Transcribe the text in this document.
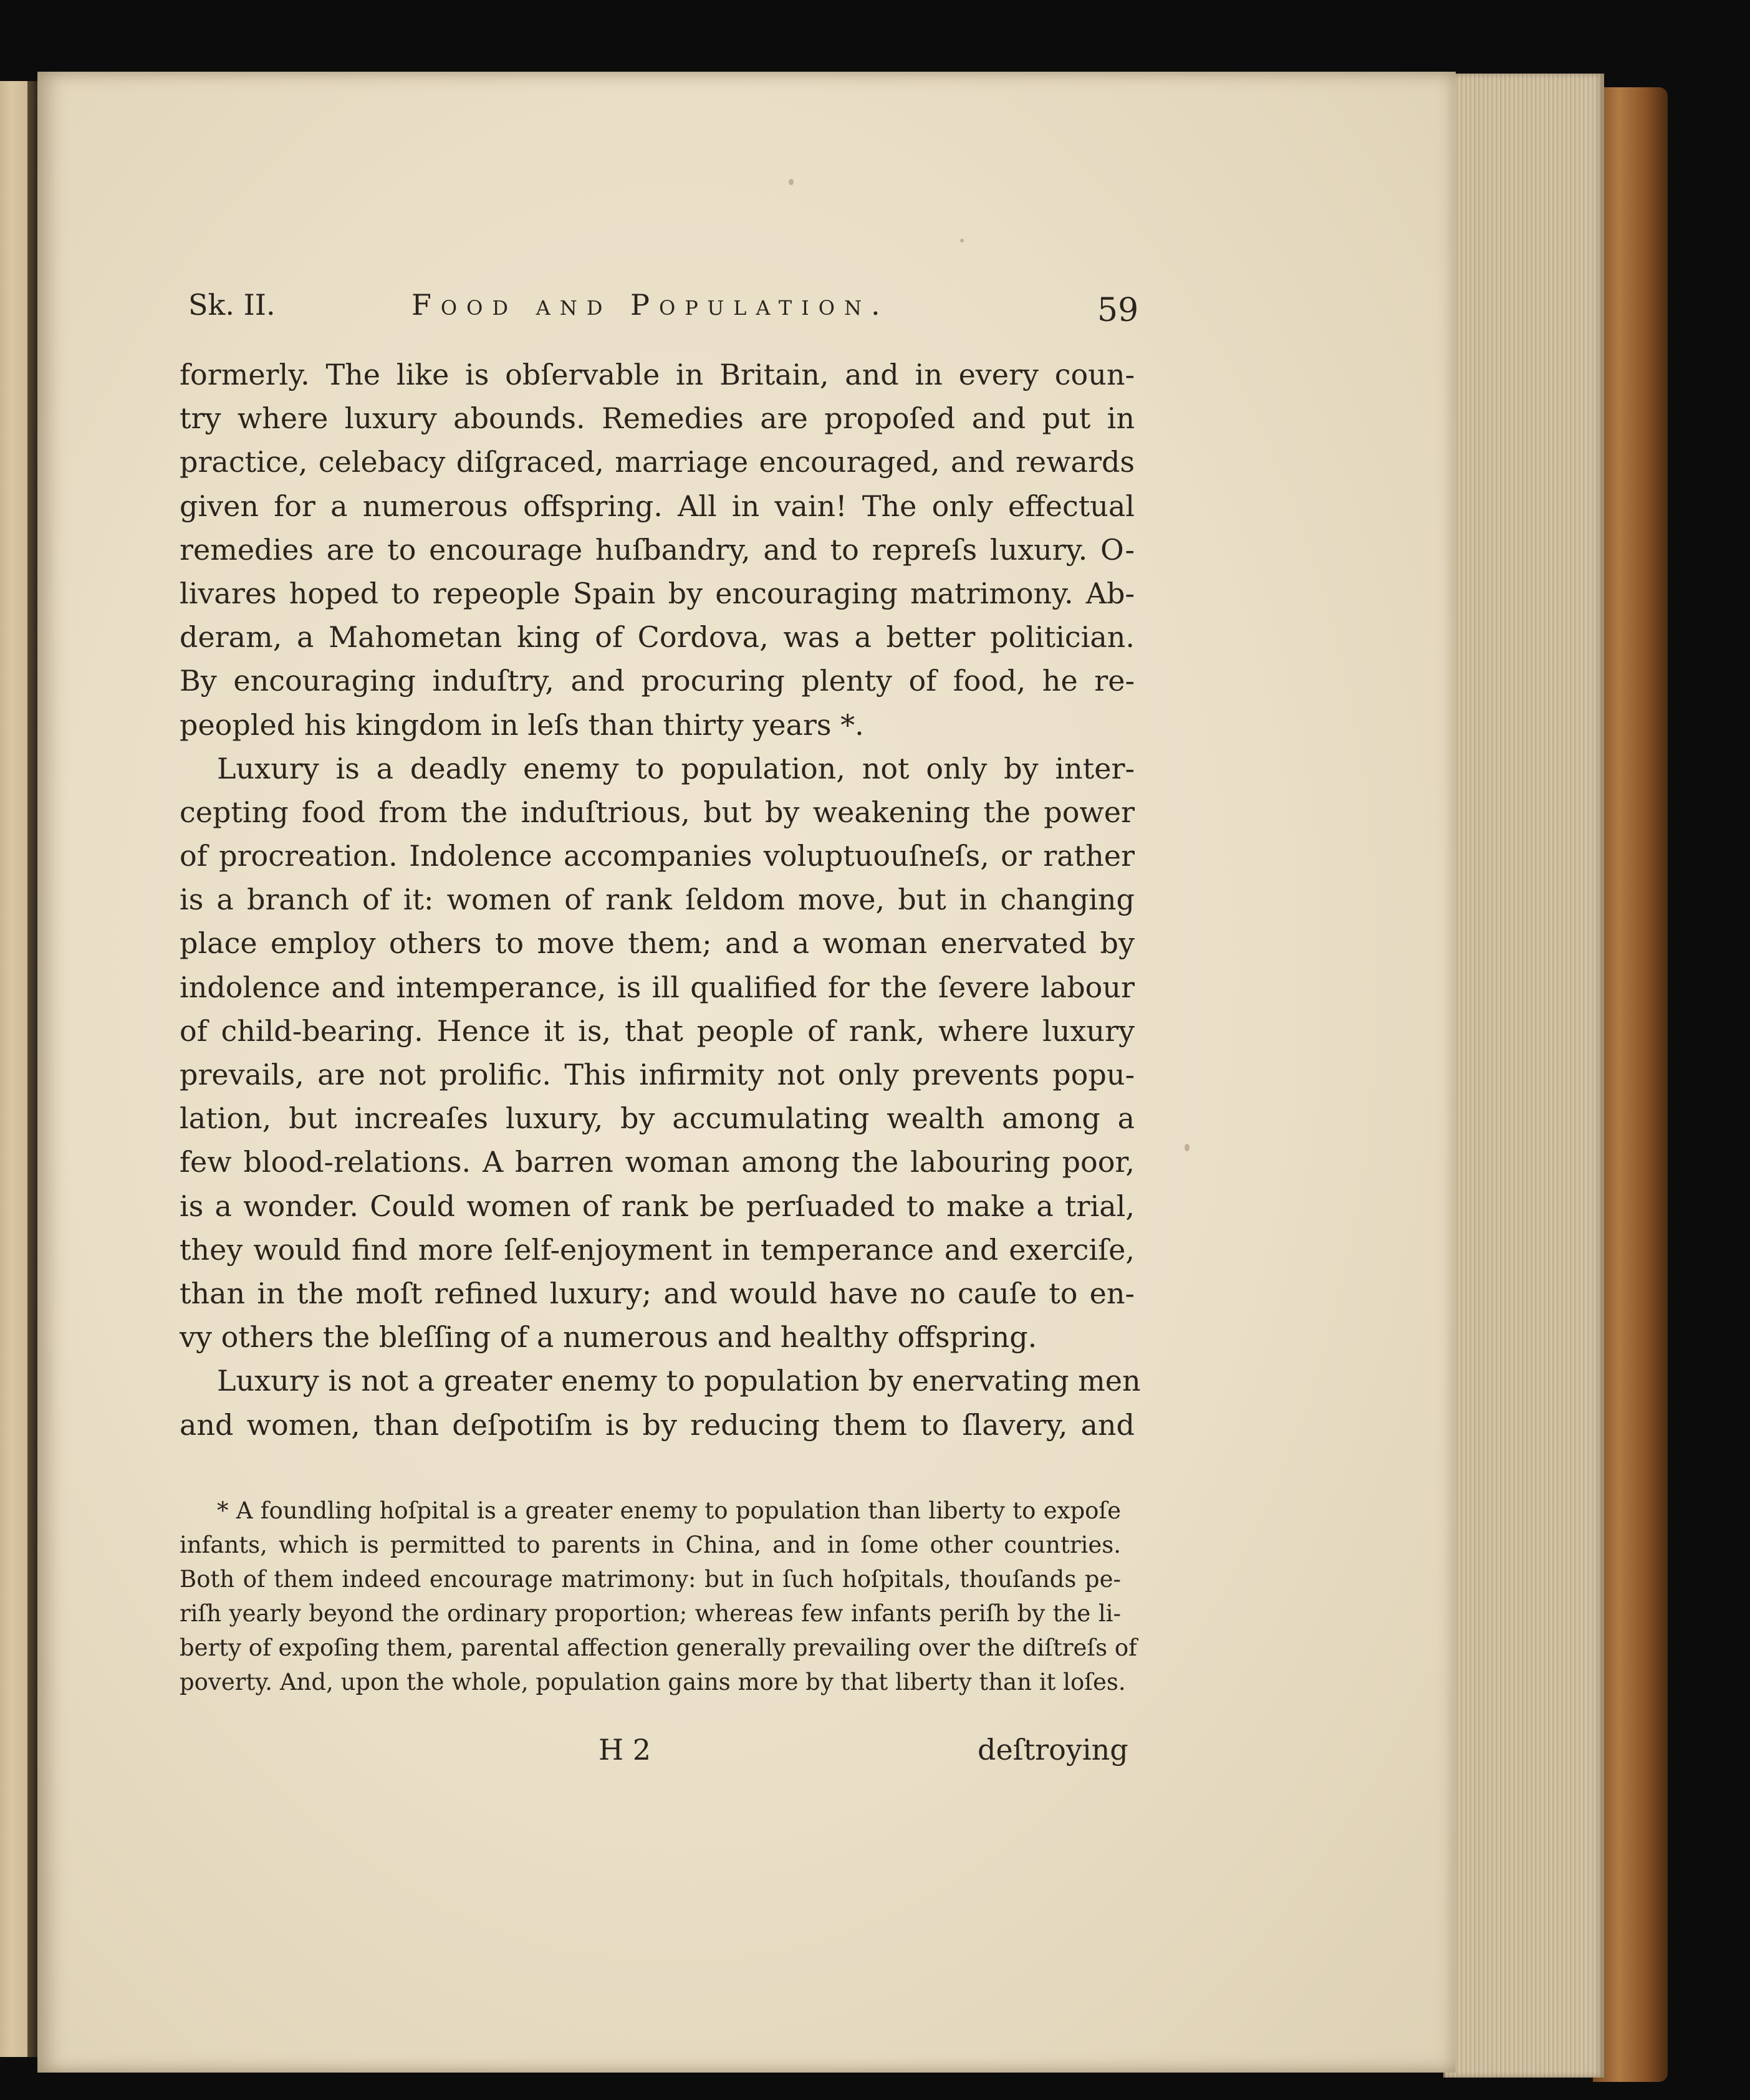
Sk. II.	Food and Population.	59
formerly. The like is obſervable in Britain, and in every coun-
try where luxury abounds. Remedies are propoſed and put in
practice, celebacy diſgraced, marriage encouraged, and rewards
given for a numerous offspring. All in vain! The only effectual
remedies are to encourage huſbandry, and to repreſs luxury. O-
livares hoped to repeople Spain by encouraging matrimony. Ab-
deram, a Mahometan king of Cordova, was a better politician.
By encouraging induſtry, and procuring plenty of food, he re-
peopled his kingdom in leſs than thirty years *.
Luxury is a deadly enemy to population, not only by inter-
cepting food from the induſtrious, but by weakening the power
of procreation. Indolence accompanies voluptuouſneſs, or rather
is a branch of it: women of rank ſeldom move, but in changing
place employ others to move them; and a woman enervated by
indolence and intemperance, is ill qualified for the ſevere labour
of child-bearing. Hence it is, that people of rank, where luxury
prevails, are not prolific. This infirmity not only prevents popu-
lation, but increaſes luxury, by accumulating wealth among a
few blood-relations. A barren woman among the labouring poor,
is a wonder. Could women of rank be perſuaded to make a trial,
they would find more ſelf-enjoyment in temperance and exerciſe,
than in the moſt refined luxury; and would have no cauſe to en-
vy others the bleſſing of a numerous and healthy offspring.
Luxury is not a greater enemy to population by enervating men
and women, than deſpotiſm is by reducing them to ſlavery, and
* A foundling hoſpital is a greater enemy to population than liberty to expoſe
infants, which is permitted to parents in China, and in ſome other countries.
Both of them indeed encourage matrimony: but in ſuch hoſpitals, thouſands pe-
riſh yearly beyond the ordinary proportion; whereas few infants periſh by the li-
berty of expoſing them, parental affection generally prevailing over the diſtreſs of
poverty. And, upon the whole, population gains more by that liberty than it loſes.
H 2	deſtroying
